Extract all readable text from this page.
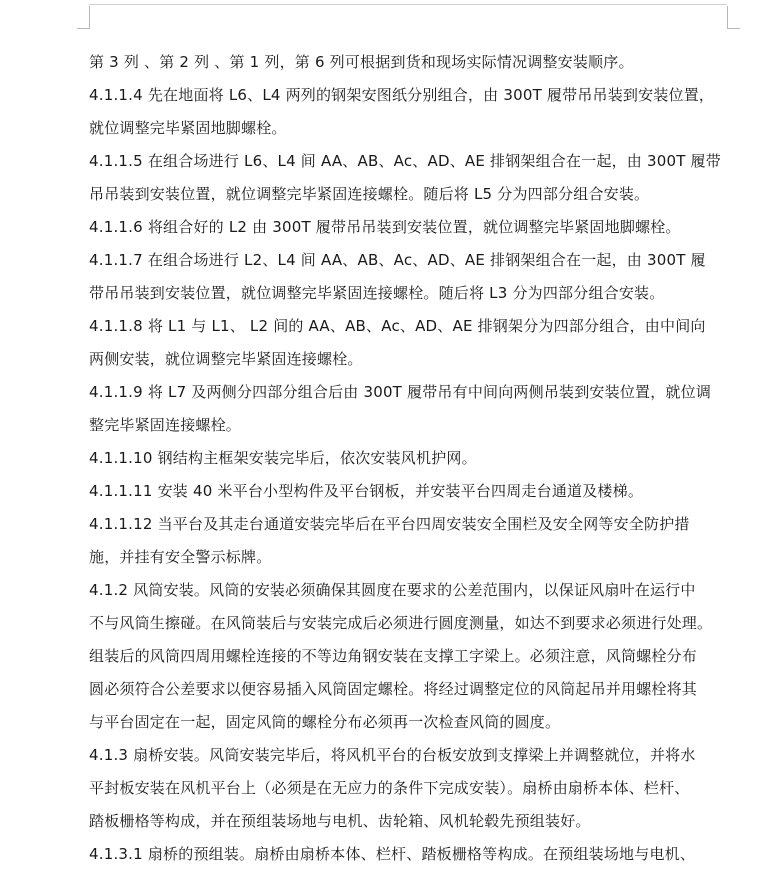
第 3 列 、第 2 列 、第 1 列，第 6 列可根据到货和现场实际情况调整安装顺序。

4.1.1.4 先在地面将 L6、L4 两列的钢架安图纸分别组合，由 300T 履带吊吊装到安装位置，
就位调整完毕紧固地脚螺栓。

4.1.1.5 在组合场进行 L6、L4 间 AA、AB、Ac、AD、AE 排钢架组合在一起，由 300T 履带
吊吊装到安装位置，就位调整完毕紧固连接螺栓。随后将 L5 分为四部分组合安装。

4.1.1.6 将组合好的 L2 由 300T 履带吊吊装到安装位置，就位调整完毕紧固地脚螺栓。

4.1.1.7 在组合场进行 L2、L4 间 AA、AB、Ac、AD、AE 排钢架组合在一起，由 300T 履
带吊吊装到安装位置，就位调整完毕紧固连接螺栓。随后将 L3 分为四部分组合安装。

4.1.1.8 将 L1 与 L1、 L2 间的 AA、AB、Ac、AD、AE 排钢架分为四部分组合，由中间向
两侧安装，就位调整完毕紧固连接螺栓。

4.1.1.9 将 L7 及两侧分四部分组合后由 300T 履带吊有中间向两侧吊装到安装位置，就位调
整完毕紧固连接螺栓。

4.1.1.10 钢结构主框架安装完毕后，依次安装风机护网。

4.1.1.11 安装 40 米平台小型构件及平台钢板，并安装平台四周走台通道及楼梯。

4.1.1.12 当平台及其走台通道安装完毕后在平台四周安装安全围栏及安全网等安全防护措
施，并挂有安全警示标牌。

4.1.2 风筒安装。风筒的安装必须确保其圆度在要求的公差范围内，以保证风扇叶在运行中
不与风筒生擦碰。在风筒装后与安装完成后必须进行圆度测量，如达不到要求必须进行处理。
组装后的风筒四周用螺栓连接的不等边角钢安装在支撑工字梁上。必须注意，风筒螺栓分布
圆必须符合公差要求以便容易插入风筒固定螺栓。将经过调整定位的风筒起吊并用螺栓将其
与平台固定在一起，固定风筒的螺栓分布必须再一次检查风筒的圆度。

4.1.3 扇桥安装。风筒安装完毕后，将风机平台的台板安放到支撑梁上并调整就位，并将水
平封板安装在风机平台上（必须是在无应力的条件下完成安装）。扇桥由扇桥本体、栏杆、
踏板栅格等构成，并在预组装场地与电机、齿轮箱、风机轮毂先预组装好。

4.1.3.1 扇桥的预组装。扇桥由扇桥本体、栏杆、踏板栅格等构成。在预组装场地与电机、
